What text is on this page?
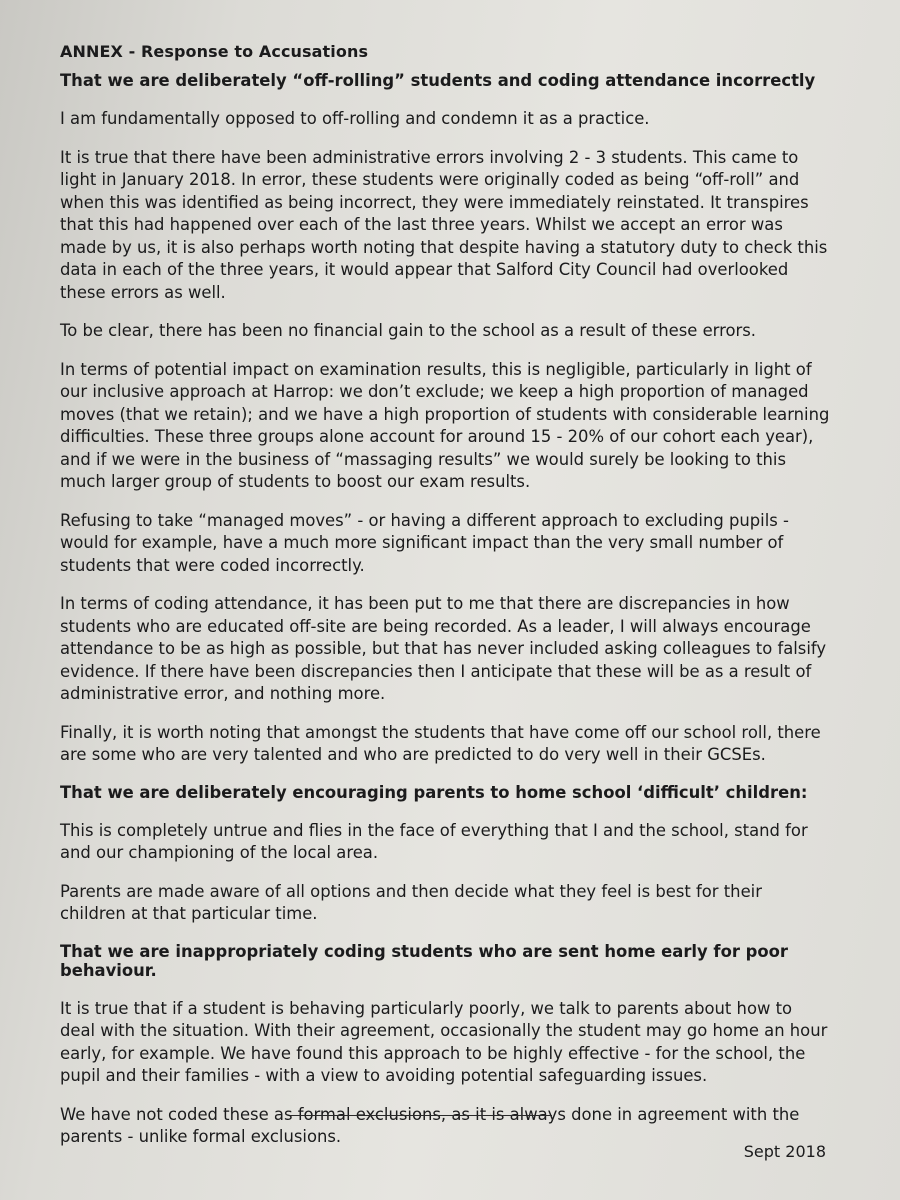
ANNEX - Response to Accusations
That we are deliberately “off-rolling” students and coding attendance incorrectly

I am fundamentally opposed to off-rolling and condemn it as a practice.

It is true that there have been administrative errors involving 2 - 3 students. This came to light in January 2018. In error, these students were originally coded as being “off-roll” and when this was identified as being incorrect, they were immediately reinstated. It transpires that this had happened over each of the last three years. Whilst we accept an error was made by us, it is also perhaps worth noting that despite having a statutory duty to check this data in each of the three years, it would appear that Salford City Council had overlooked these errors as well.

To be clear, there has been no financial gain to the school as a result of these errors.

In terms of potential impact on examination results, this is negligible, particularly in light of our inclusive approach at Harrop: we don’t exclude; we keep a high proportion of managed moves (that we retain); and we have a high proportion of students with considerable learning difficulties. These three groups alone account for around 15 - 20% of our cohort each year), and if we were in the business of “massaging results” we would surely be looking to this much larger group of students to boost our exam results.

Refusing to take “managed moves” - or having a different approach to excluding pupils - would for example, have a much more significant impact than the very small number of students that were coded incorrectly.

In terms of coding attendance, it has been put to me that there are discrepancies in how students who are educated off-site are being recorded. As a leader, I will always encourage attendance to be as high as possible, but that has never included asking colleagues to falsify evidence. If there have been discrepancies then I anticipate that these will be as a result of administrative error, and nothing more.

Finally, it is worth noting that amongst the students that have come off our school roll, there are some who are very talented and who are predicted to do very well in their GCSEs.

That we are deliberately encouraging parents to home school ‘difficult’ children:

This is completely untrue and flies in the face of everything that I and the school, stand for and our championing of the local area.

Parents are made aware of all options and then decide what they feel is best for their children at that particular time.

That we are inappropriately coding students who are sent home early for poor behaviour.

It is true that if a student is behaving particularly poorly, we talk to parents about how to deal with the situation. With their agreement, occasionally the student may go home an hour early, for example. We have found this approach to be highly effective - for the school, the pupil and their families - with a view to avoiding potential safeguarding issues.

We have not coded these as formal exclusions, as it is always done in agreement with the parents - unlike formal exclusions.

Sept 2018
